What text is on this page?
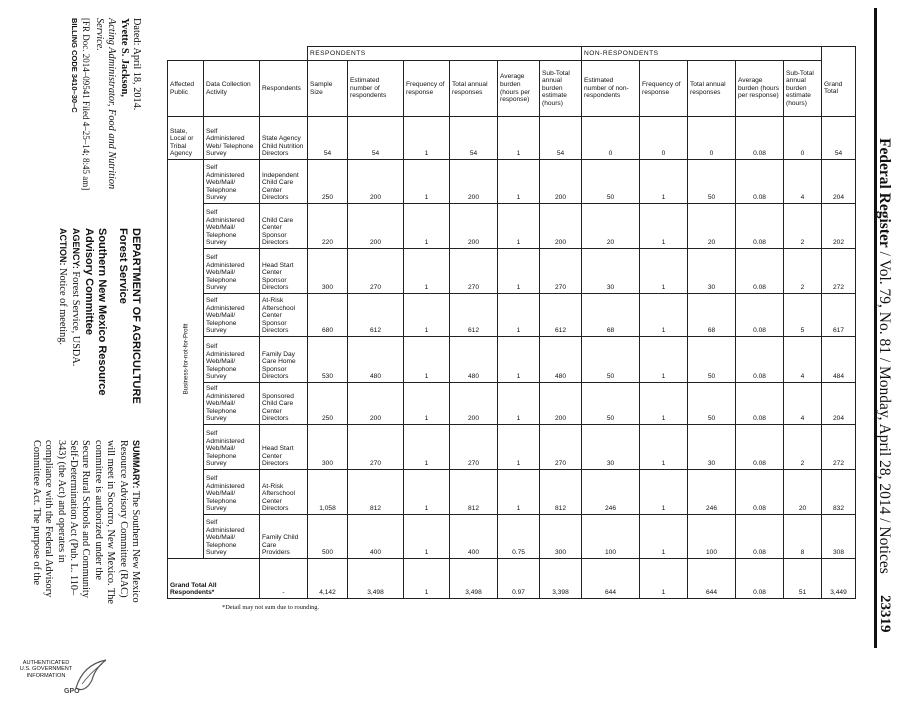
Federal Register / Vol. 79, No. 81 / Monday, April 28, 2014 / Notices
23319
Dated: April 18, 2014.
Yvette S. Jackson,
Acting Administrator, Food and Nutrition
Service.
[FR Doc. 2014–09541 Filed 4–25–14; 8:45 am]
BILLING CODE 3410–30–C
DEPARTMENT OF AGRICULTURE
Forest Service
Southern New Mexico Resource
Advisory Committee
AGENCY: Forest Service, USDA.
ACTION: Notice of meeting.
SUMMARY: The Southern New Mexico
Resource Advisory Committee (RAC)
will meet in Socorro, New Mexico. The
committee is authorized under the
Secure Rural Schools and Community
Self-Determination Act (Pub. L. 110–
343) (the Act) and operates in
compliance with the Federal Advisory
Committee Act. The purpose of the
AUTHENTICATED
U.S. GOVERNMENT
INFORMATION
GPO
			RESPONDENTS						NON-RESPONDENTS					
Affected Public	Data Collection Activity	Respondents	Sample Size	Estimated number of respondents	Frequency of response	Total annual responses	Average burden (hours per response)	Sub-Total annual burden estimate (hours)	Estimated number of non-respondents	Frequency of response	Total annual responses	Average burden (hours per response)	Sub-Total annual burden estimate (hours)	Grand Total
State, Local or Tribal Agency	Self Administered Web/ Telephone Survey	State Agency Child Nutrition Directors	54	54	1	54	1	54	0	0	0	0.08	0	54

Business-for-not-for-Profit	Self Administered Web/Mail/ Telephone Survey	Independent Child Care Center Directors	250	200	1	200	1	200	50	1	50	0.08	4	204
	Self Administered Web/Mail/ Telephone Survey	Child Care Center Sponsor Directors	220	200	1	200	1	200	20	1	20	0.08	2	202
	Self Administered Web/Mail/ Telephone Survey	Head Start Center Sponsor Directors	300	270	1	270	1	270	30	1	30	0.08	2	272
	Self Administered Web/Mail/ Telephone Survey	At-Risk Afterschool Center Sponsor Directors	680	612	1	612	1	612	68	1	68	0.08	5	617
	Self Administered Web/Mail/ Telephone Survey	Family Day Care Home Sponsor Directors	530	480	1	480	1	480	50	1	50	0.08	4	484
	Self Administered Web/Mail/ Telephone Survey	Sponsored Child Care Center Directors	250	200	1	200	1	200	50	1	50	0.08	4	204
	Self Administered Web/Mail/ Telephone Survey	Head Start Center Directors	300	270	1	270	1	270	30	1	30	0.08	2	272
	Self Administered Web/Mail/ Telephone Survey	At-Risk Afterschool Center Directors	1,058	812	1	812	1	812	246	1	246	0.08	20	832
	Self Administered Web/Mail/ Telephone Survey	Family Child Care Providers	500	400	1	400	0.75	300	100	1	100	0.08	8	308
Grand Total All Respondents*		-	4,142	3,498	1	3,498	0.97	3,398	644	1	644	0.08	51	3,449
*Detail may not sum due to rounding.
